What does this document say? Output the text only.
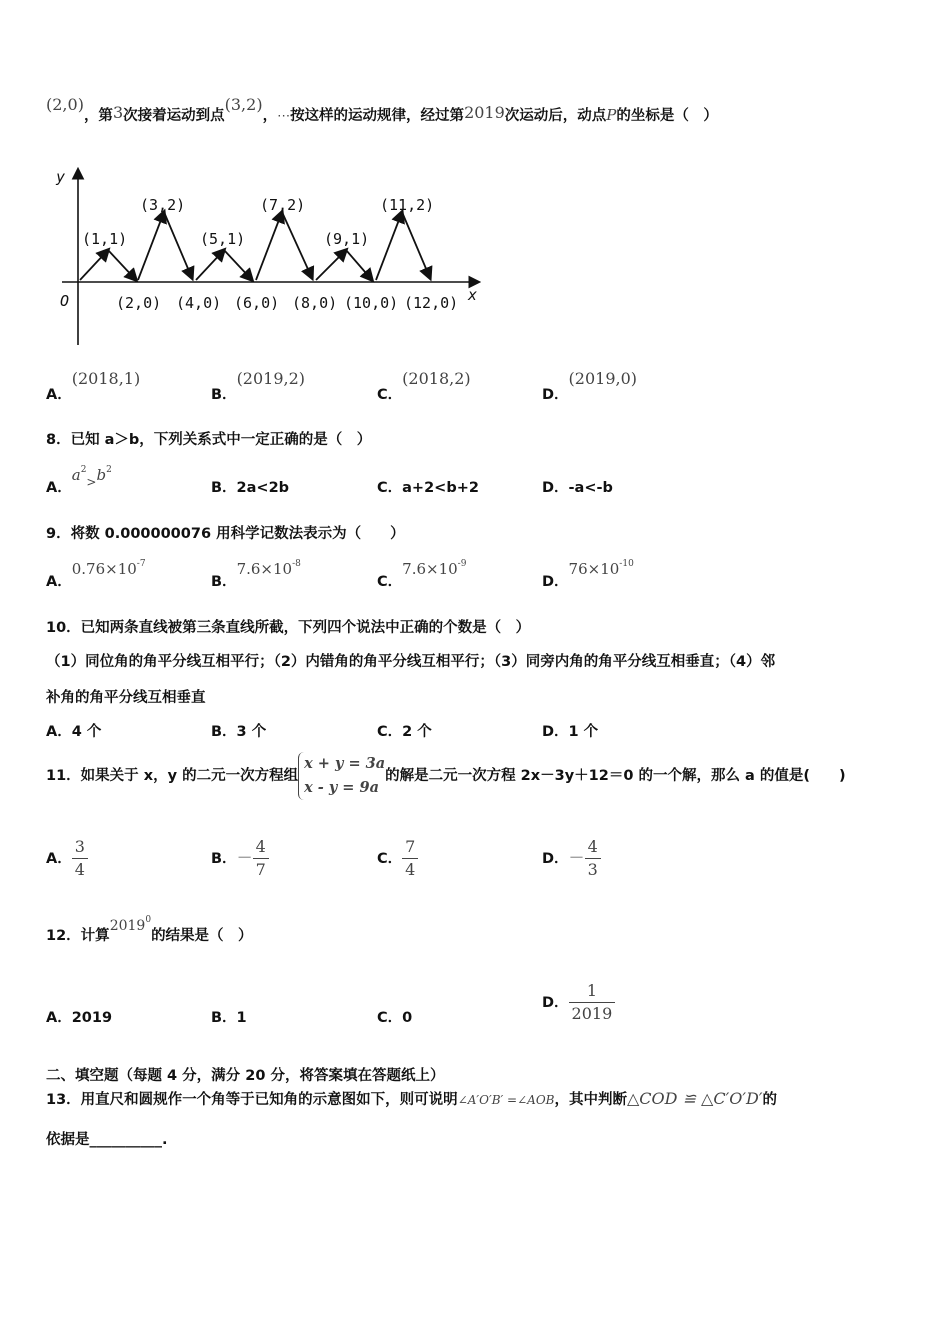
(2,0)，第3次接着运动到点(3,2)，⋯按这样的运动规律，经过第2019次运动后，动点P的坐标是（　）
y
x
O
(1,1)
(3,2)
(5,1)
(7,2)
(9,1)
(11,2)
(2,0) (4,0) (6,0) (8,0) (10,0) (12,0)
A．(2018,1)
B．(2019,2)
C．(2018,2)
D．(2019,0)
8．已知 a＞b，下列关系式中一定正确的是（　）
A．$a^2_>b^2$
B．2a<2b	C．a+2<b+2	D．-a<-b
9．将数 0.000000076 用科学记数法表示为（　　）
A．$0.76\times 10^{-7}$
B．$7.6\times 10^{-8}$
C．$7.6\times 10^{-9}$
D．$76\times 10^{-10}$
10．已知两条直线被第三条直线所截，下列四个说法中正确的个数是（　）
（1）同位角的角平分线互相平行；（2）内错角的角平分线互相平行；（3）同旁内角的角平分线互相垂直；（4）邻
补角的角平分线互相垂直
A．4 个	B．3 个	C．2 个	D．1 个
11．如果关于 x，y 的二元一次方程组
x + y = 3a
x - y = 9a
的解是二元一次方程 2x－3y＋12＝0 的一个解，那么 a 的值是(　　)
A． $\frac{3}{4}$	B．－ $\frac{4}{7}$	C． $\frac{7}{4}$	D．－ $\frac{4}{3}$
12．计算2019$^0$的结果是（　）
A．2019	B．1	C．0
D． $\frac{1}{2019}$
二、填空题（每题 4 分，满分 20 分，将答案填在答题纸上）
13．用直尺和圆规作一个角等于已知角的示意图如下，则可说明∠A′O′B′ =∠AOB，其中判断△COD ≌ △C′O′D′的
依据是__________.
